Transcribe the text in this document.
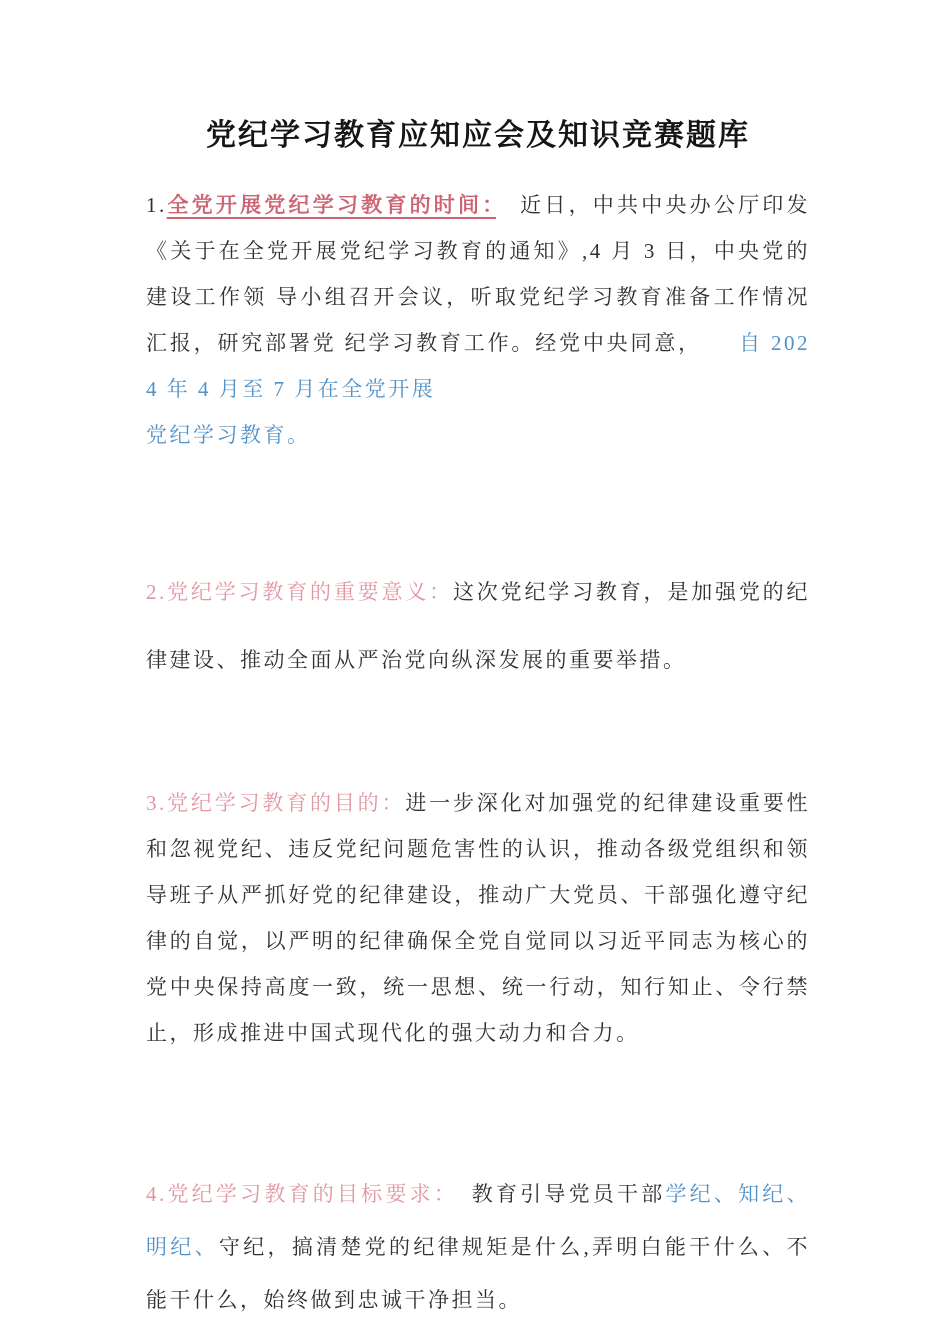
党纪学习教育应知应会及知识竞赛题库

1.全党开展党纪学习教育的时间：　近日，中共中央办公厅印发《关于在全党开展党纪学习教育的通知》,4 月 3 日，中央党的建设工作领 导小组召开会议，听取党纪学习教育准备工作情况汇报，研究部署党 纪学习教育工作。经党中央同意，　　自 2024 年 4 月至 7 月在全党开展

党纪学习教育。

2.党纪学习教育的重要意义：这次党纪学习教育，是加强党的纪律建设、推动全面从严治党向纵深发展的重要举措。

3.党纪学习教育的目的：进一步深化对加强党的纪律建设重要性和忽视党纪、违反党纪问题危害性的认识，推动各级党组织和领导班子从严抓好党的纪律建设，推动广大党员、干部强化遵守纪律的自觉，以严明的纪律确保全党自觉同以习近平同志为核心的党中央保持高度一致，统一思想、统一行动，知行知止、令行禁止，形成推进中国式现代化的强大动力和合力。

4.党纪学习教育的目标要求：　教育引导党员干部学纪、知纪、明纪、守纪，搞清楚党的纪律规矩是什么,弄明白能干什么、不能干什么，始终做到忠诚干净担当。
